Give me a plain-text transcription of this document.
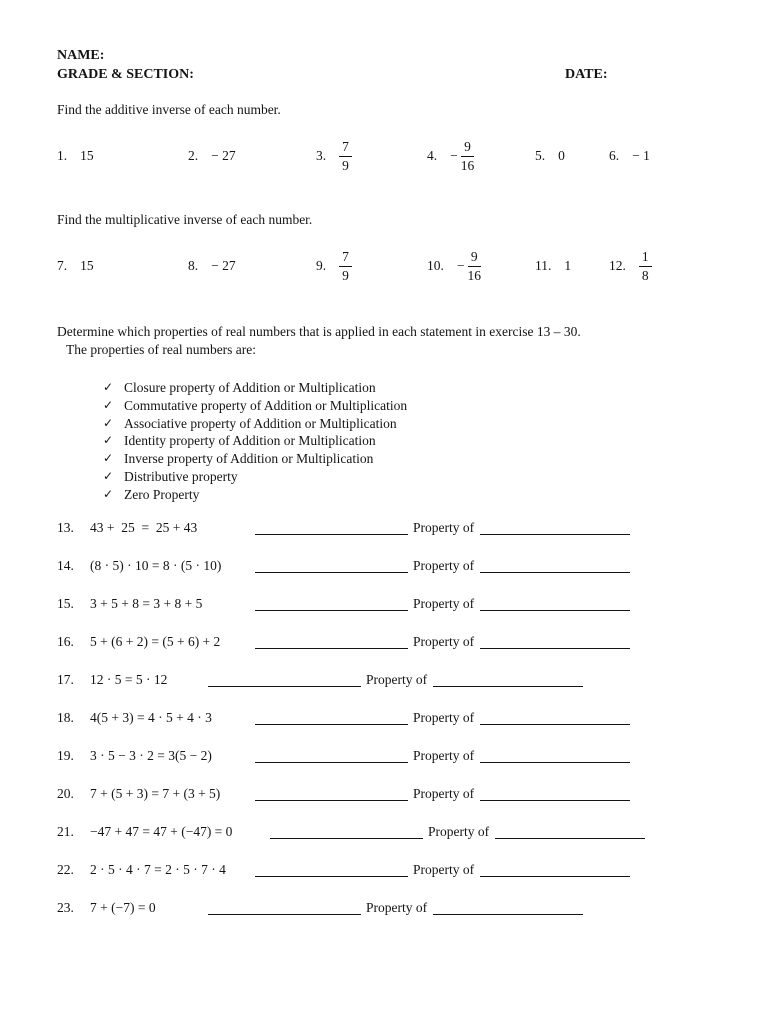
NAME:
GRADE & SECTION:	DATE:

Find the additive inverse of each number.

1. 15	2. − 27	3. $\frac{7}{9}$	4. − $\frac{9}{16}$	5. 0	6. − 1

Find the multiplicative inverse of each number.

7. 15	8. − 27	9. $\frac{7}{9}$	10. − $\frac{9}{16}$	11. 1	12. $\frac{1}{8}$
Determine which properties of real numbers that is applied in each statement in exercise 13 – 30.
The properties of real numbers are:
✓ Closure property of Addition or Multiplication
✓ Commutative property of Addition or Multiplication
✓ Associative property of Addition or Multiplication
✓ Identity property of Addition or Multiplication
✓ Inverse property of Addition or Multiplication
✓ Distributive property
✓ Zero Property
13.	43 +  25  =  25 + 43	Property of
14.	(8 · 5) · 10 = 8 · (5 · 10)	Property of
15.	3 + 5 + 8 = 3 + 8 + 5	Property of
16.	5 + (6 + 2) = (5 + 6) + 2	Property of
17.	12 · 5 = 5 · 12	Property of
18.	4(5 + 3) = 4 · 5 + 4 · 3	Property of
19.	3 · 5 − 3 · 2 = 3(5 − 2)	Property of
20.	7 + (5 + 3) = 7 + (3 + 5)	Property of
21.	−47 + 47 = 47 + (−47) = 0	Property of
22.	2 · 5 · 4 · 7 = 2 · 5 · 7 · 4	Property of
23.	7 + (−7) = 0	Property of
